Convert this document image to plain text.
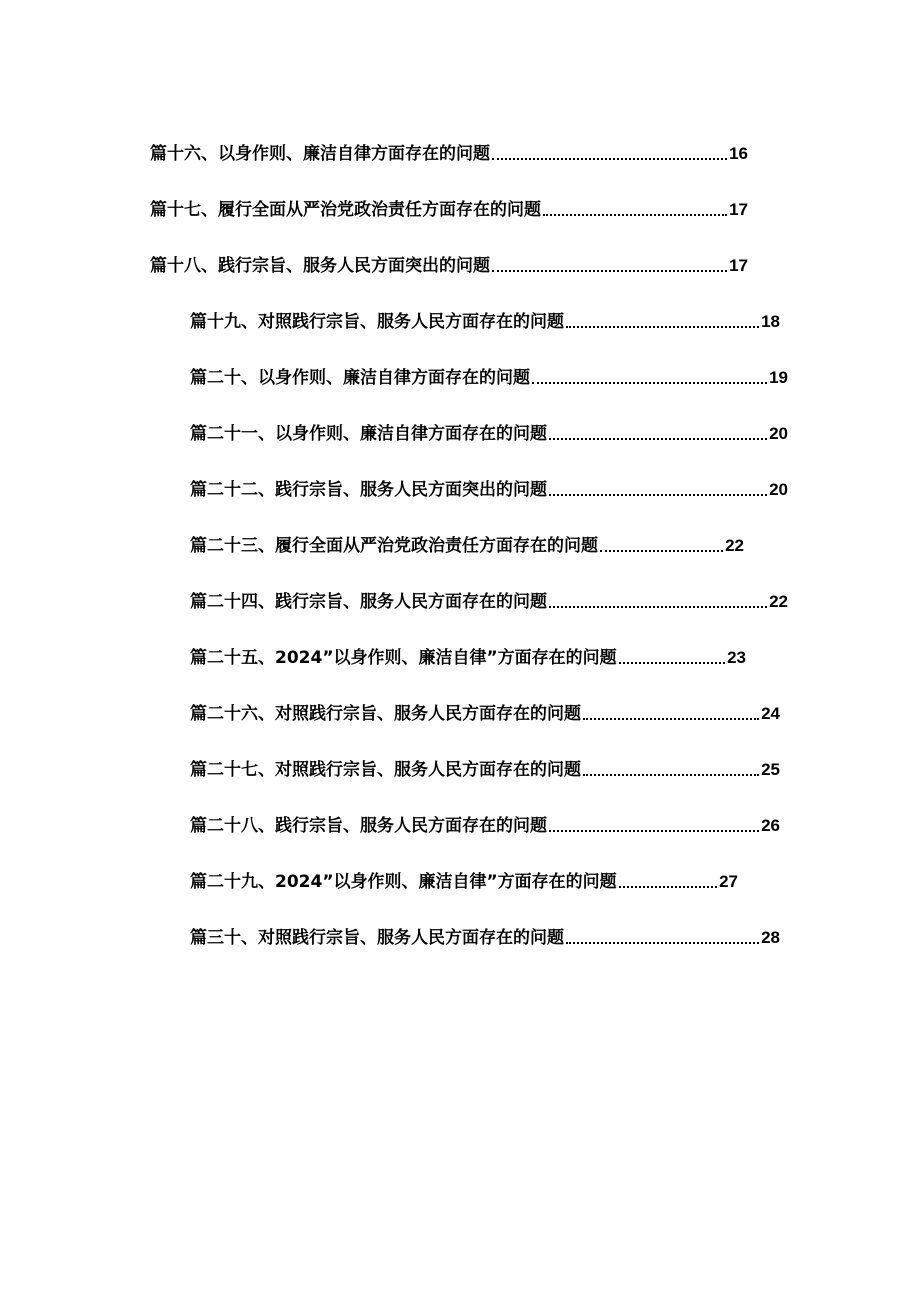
篇十六、以身作则、廉洁自律方面存在的问题	16
篇十七、履行全面从严治党政治责任方面存在的问题	17
篇十八、践行宗旨、服务人民方面突出的问题	17
篇十九、对照践行宗旨、服务人民方面存在的问题	18
篇二十、以身作则、廉洁自律方面存在的问题	19
篇二十一、以身作则、廉洁自律方面存在的问题	20
篇二十二、践行宗旨、服务人民方面突出的问题	20
篇二十三、履行全面从严治党政治责任方面存在的问题	22
篇二十四、践行宗旨、服务人民方面存在的问题	22
篇二十五、2024”以身作则、廉洁自律”方面存在的问题	23
篇二十六、对照践行宗旨、服务人民方面存在的问题	24
篇二十七、对照践行宗旨、服务人民方面存在的问题	25
篇二十八、践行宗旨、服务人民方面存在的问题	26
篇二十九、2024”以身作则、廉洁自律”方面存在的问题	27
篇三十、对照践行宗旨、服务人民方面存在的问题	28
